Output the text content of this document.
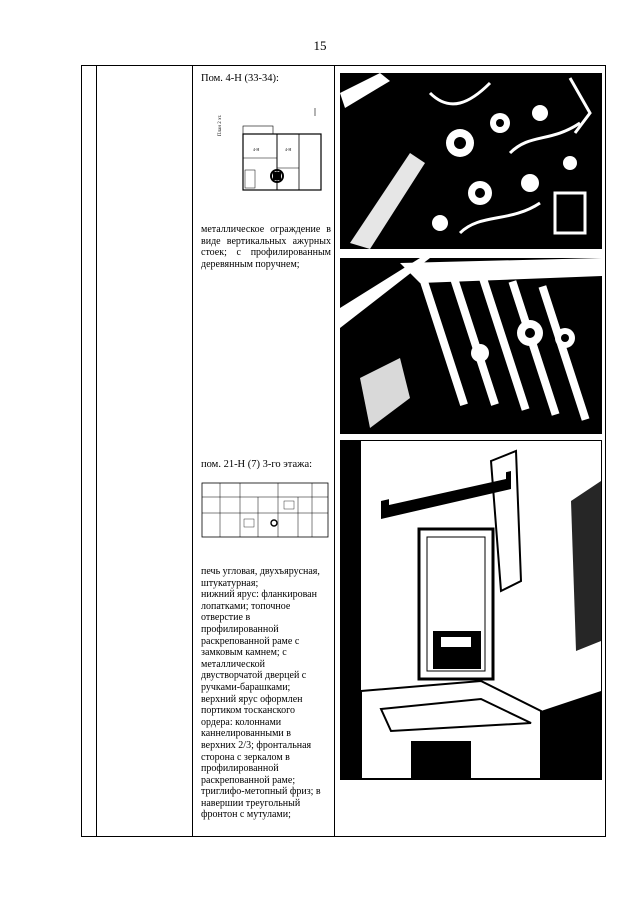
15
Пом. 4-Н (33-34):
План 2 эт.
4-Н	4-Н
металлическое ограждение в виде вертикальных ажурных стоек; с профилированным деревянным поручнем;
пом. 21-Н (7) 3-го этажа:
печь угловая, двухъярусная,
штукатурная;
нижний ярус: фланкирован
лопатками; топочное
отверстие в
профилированной
раскрепованной раме с
замковым камнем; с
металлической
двустворчатой дверцей с
ручками-барашками;
верхний ярус оформлен
портиком тосканского
ордера: колоннами
каннелированными в
верхних 2/3; фронтальная
сторона с зеркалом в
профилированной
раскрепованной раме;
триглифо-метопный фриз; в
навершии треугольный
фронтон с мутулами;
